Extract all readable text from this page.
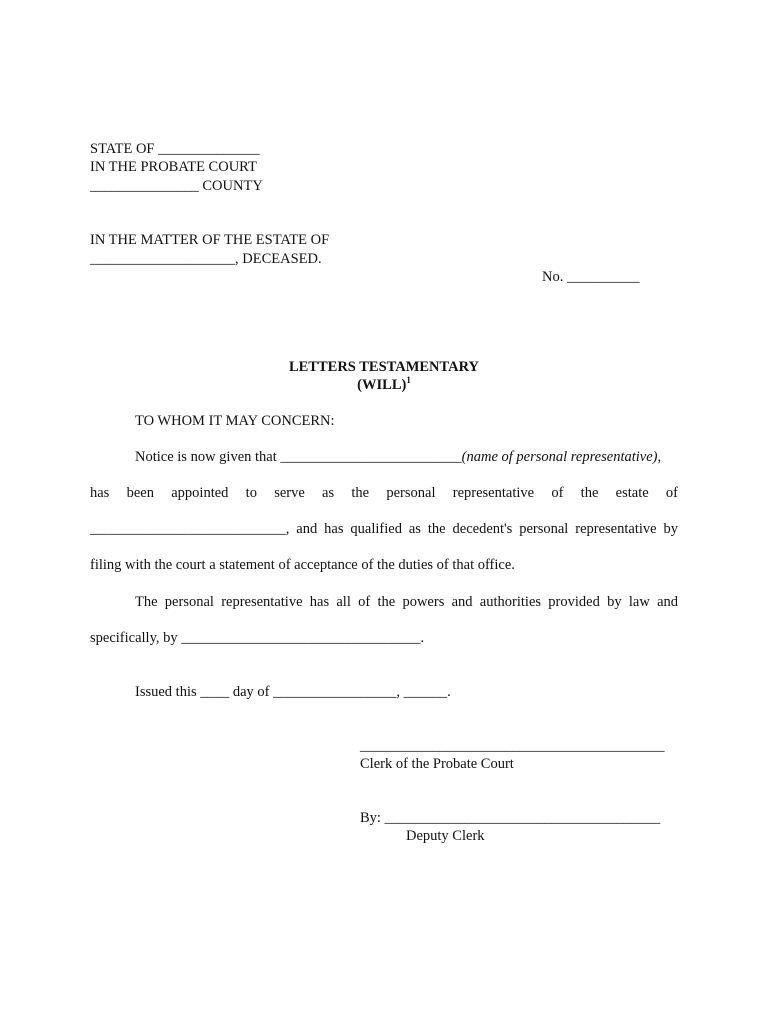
STATE OF ______________
IN THE PROBATE COURT
_______________ COUNTY
IN THE MATTER OF THE ESTATE OF
____________________, DECEASED.
No. __________
LETTERS TESTAMENTARY
(WILL)$^1$
TO WHOM IT MAY CONCERN:
Notice is now given that _________________________(name of personal representative),
has been appointed to serve as the personal representative of the estate of
___________________________, and has qualified as the decedent's personal representative by
filing with the court a statement of acceptance of the duties of that office.
The personal representative has all of the powers and authorities provided by law and
specifically, by _________________________________.
Issued this ____ day of _________________, ______.
__________________________________________
Clerk of the Probate Court
By: ______________________________________
Deputy Clerk
